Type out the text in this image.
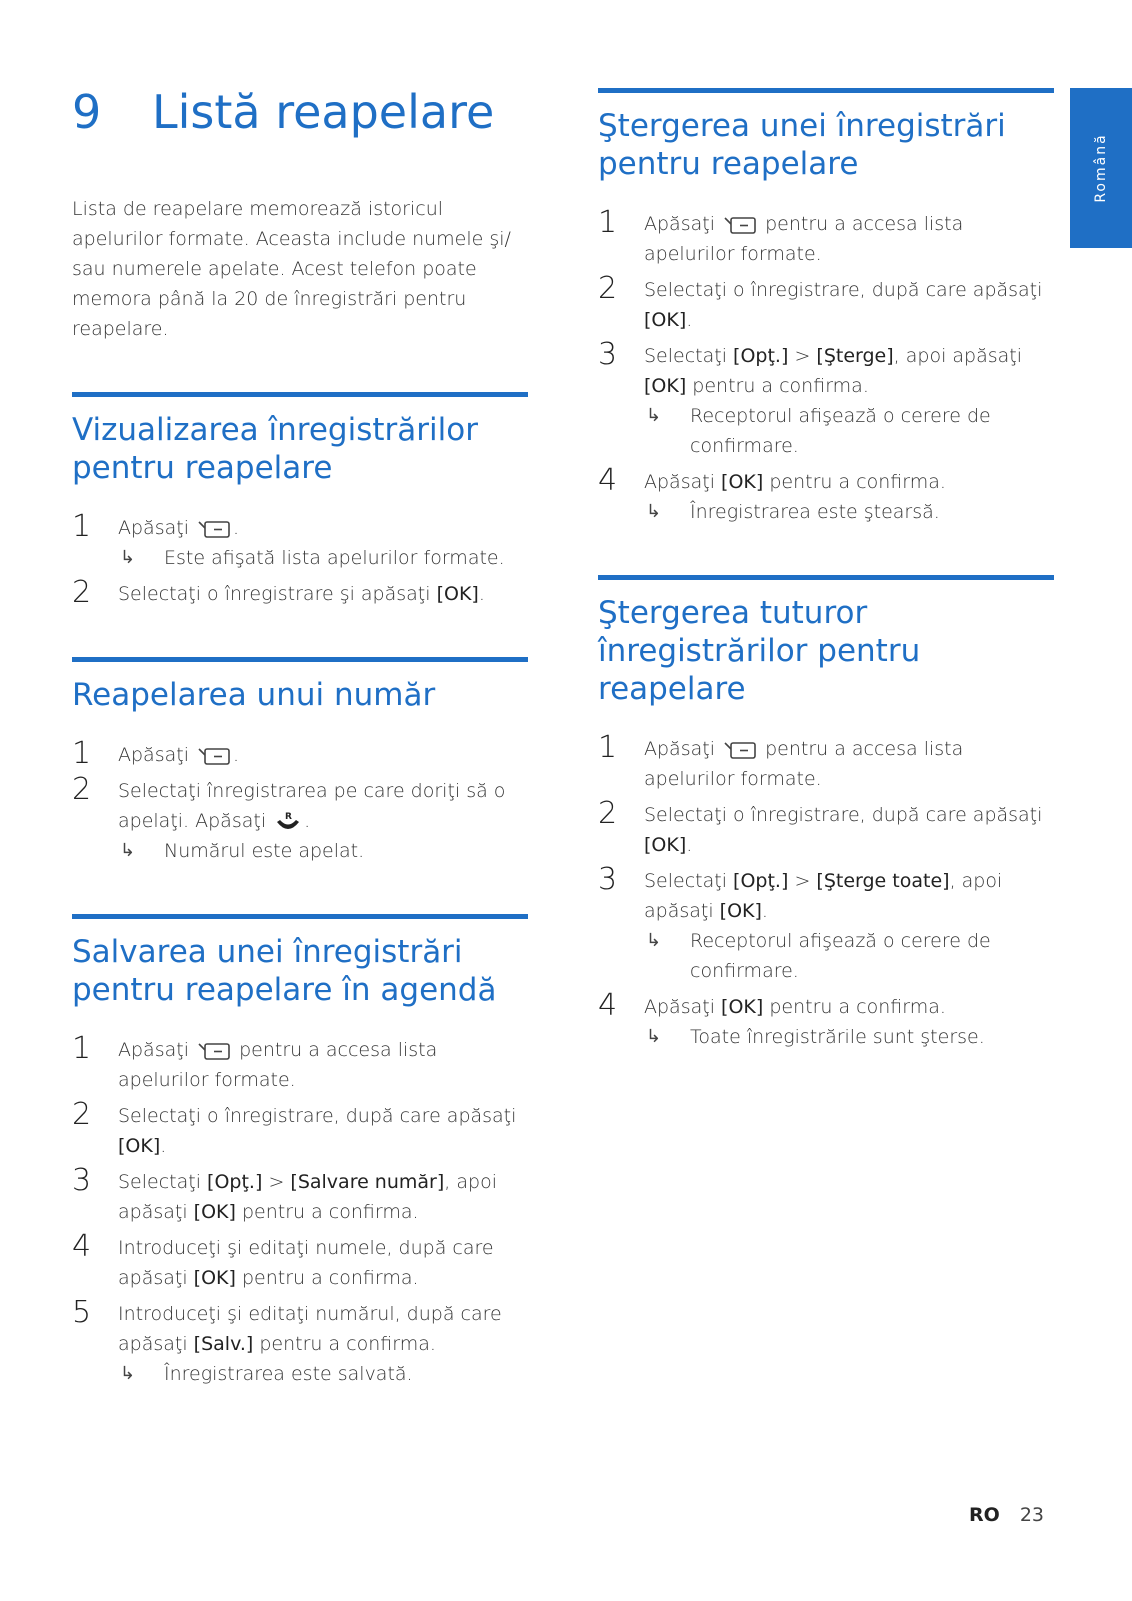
9	Listă reapelare

Lista de reapelare memorează istoricul apelurilor formate. Aceasta include numele şi/ sau numerele apelate. Acest telefon poate memora până la 20 de înregistrări pentru reapelare.

Vizualizarea înregistrărilor pentru reapelare
1 Apăsaţi .
↳ Este afişată lista apelurilor formate.
2 Selectaţi o înregistrare şi apăsaţi [OK].
Reapelarea unui număr
1 Apăsaţi .
2 Selectaţi înregistrarea pe care doriţi să o apelaţi. Apăsaţi .
↳ Numărul este apelat.
Salvarea unei înregistrări pentru reapelare în agendă
1 Apăsaţi	pentru a accesa lista apelurilor formate.
2 Selectaţi o înregistrare, după care apăsaţi [OK].
3 Selectaţi [Opţ.] > [Salvare număr], apoi apăsaţi [OK] pentru a confirma.
4 Introduceţi şi editaţi numele, după care apăsaţi [OK] pentru a confirma.
5 Introduceţi şi editaţi numărul, după care apăsaţi [Salv.] pentru a confirma.
↳ Înregistrarea este salvată.
Ştergerea unei înregistrări pentru reapelare
1 Apăsaţi	pentru a accesa lista apelurilor formate.
2 Selectaţi o înregistrare, după care apăsaţi [OK].
3 Selectaţi [Opţ.] > [Şterge], apoi apăsaţi [OK] pentru a confirma.
↳ Receptorul afişează o cerere de confirmare.
4 Apăsaţi [OK] pentru a confirma.
↳ Înregistrarea este ştearsă.
Ştergerea tuturor înregistrărilor pentru reapelare
1 Apăsaţi	pentru a accesa lista apelurilor formate.
2 Selectaţi o înregistrare, după care apăsaţi [OK].
3 Selectaţi [Opţ.] > [Şterge toate], apoi apăsaţi [OK].
↳ Receptorul afişează o cerere de confirmare.
4 Apăsaţi [OK] pentru a confirma.
↳ Toate înregistrările sunt şterse.
Română
RO 23
